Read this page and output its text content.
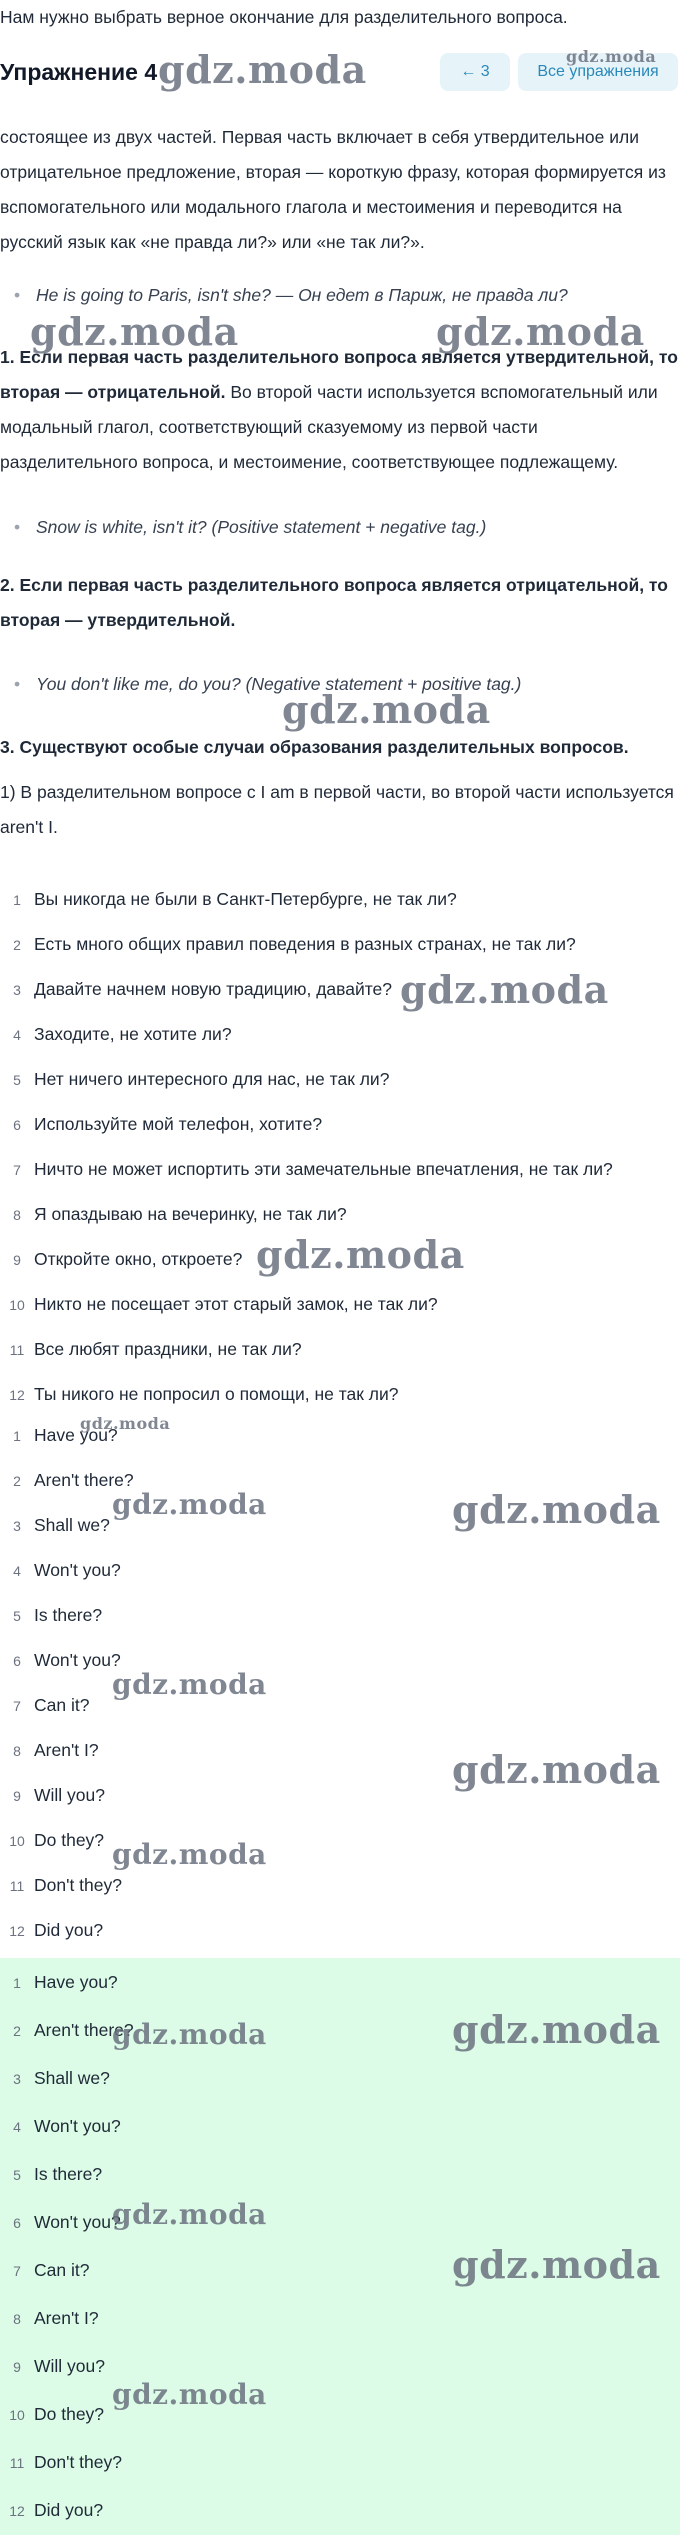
Нам нужно выбрать верное окончание для разделительного вопроса.
Упражнение 4	← 3	Все упражнения

состоящее из двух частей. Первая часть включает в себя утвердительное или отрицательное предложение, вторая — короткую фразу, которая формируется из вспомогательного или модального глагола и местоимения и переводится на русский язык как «не правда ли?» или «не так ли?».

• He is going to Paris, isn't she? — Он едет в Париж, не правда ли?

1. Если первая часть разделительного вопроса является утвердительной, то вторая — отрицательной. Во второй части используется вспомогательный или модальный глагол, соответствующий сказуемому из первой части разделительного вопроса, и местоимение, соответствующее подлежащему.

• Snow is white, isn't it? (Positive statement + negative tag.)

2. Если первая часть разделительного вопроса является отрицательной, то вторая — утвердительной.

• You don't like me, do you? (Negative statement + positive tag.)

3. Существуют особые случаи образования разделительных вопросов.

1) В разделительном вопросе с I am в первой части, во второй части используется aren't I.

1 Вы никогда не были в Санкт-Петербурге, не так ли?
2 Есть много общих правил поведения в разных странах, не так ли?
3 Давайте начнем новую традицию, давайте?
4 Заходите, не хотите ли?
5 Нет ничего интересного для нас, не так ли?
6 Используйте мой телефон, хотите?
7 Ничто не может испортить эти замечательные впечатления, не так ли?
8 Я опаздываю на вечеринку, не так ли?
9 Откройте окно, откроете?
10 Никто не посещает этот старый замок, не так ли?
11 Все любят праздники, не так ли?
12 Ты никого не попросил о помощи, не так ли?
1 Have you?
2 Aren't there?
3 Shall we?
4 Won't you?
5 Is there?
6 Won't you?
7 Can it?
8 Aren't I?
9 Will you?
10 Do they?
11 Don't they?
12 Did you?
1 Have you?
2 Aren't there?
3 Shall we?
4 Won't you?
5 Is there?
6 Won't you?
7 Can it?
8 Aren't I?
9 Will you?
10 Do they?
11 Don't they?
12 Did you?
gdz.moda	gdz.moda
gdz.moda	gdz.moda
gdz.moda
gdz.moda
gdz.moda
gdz.moda
gdz.moda	gdz.moda
gdz.moda
gdz.moda
gdz.moda
gdz.moda	gdz.moda
gdz.moda
gdz.moda
gdz.moda
